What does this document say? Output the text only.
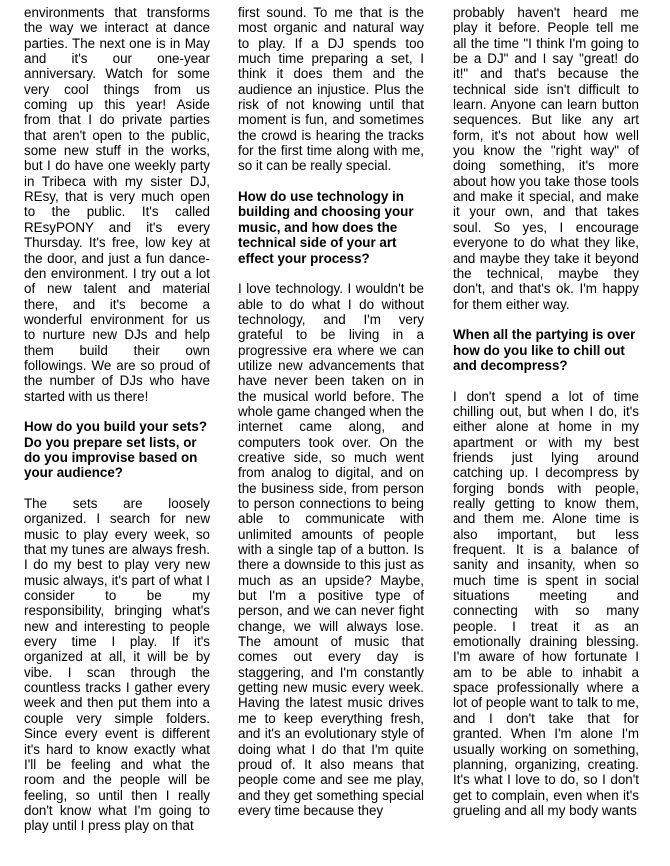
environments that transforms the way we interact at dance parties. The next one is in May and it's our one-year anniversary. Watch for some very cool things from us coming up this year! Aside from that I do private parties that aren't open to the public, some new stuff in the works, but I do have one weekly party in Tribeca with my sister DJ, REsy, that is very much open to the public. It's called REsyPONY and it's every Thursday. It's free, low key at the door, and just a fun dance-den environment. I try out a lot of new talent and material there, and it's become a wonderful environment for us to nurture new DJs and help them build their own followings. We are so proud of the number of DJs who have started with us there!

How do you build your sets? Do you prepare set lists, or do you improvise based on your audience?

The sets are loosely organized. I search for new music to play every week, so that my tunes are always fresh. I do my best to play very new music always, it's part of what I consider to be my responsibility, bringing what's new and interesting to people every time I play. If it's organized at all, it will be by vibe. I scan through the countless tracks I gather every week and then put them into a couple very simple folders. Since every event is different it's hard to know exactly what I'll be feeling and what the room and the people will be feeling, so until then I really don't know what I'm going to play until I press play on that

first sound. To me that is the most organic and natural way to play. If a DJ spends too much time preparing a set, I think it does them and the audience an injustice. Plus the risk of not knowing until that moment is fun, and sometimes the crowd is hearing the tracks for the first time along with me, so it can be really special.

How do use technology in building and choosing your music, and how does the technical side of your art effect your process?

I love technology. I wouldn't be able to do what I do without technology, and I'm very grateful to be living in a progressive era where we can utilize new advancements that have never been taken on in the musical world before. The whole game changed when the internet came along, and computers took over. On the creative side, so much went from analog to digital, and on the business side, from person to person connections to being able to communicate with unlimited amounts of people with a single tap of a button. Is there a downside to this just as much as an upside? Maybe, but I'm a positive type of person, and we can never fight change, we will always lose. The amount of music that comes out every day is staggering, and I'm constantly getting new music every week. Having the latest music drives me to keep everything fresh, and it's an evolutionary style of doing what I do that I'm quite proud of. It also means that people come and see me play, and they get something special every time because they

probably haven't heard me play it before. People tell me all the time "I think I'm going to be a DJ" and I say "great! do it!" and that's because the technical side isn't difficult to learn. Anyone can learn button sequences. But like any art form, it's not about how well you know the "right way" of doing something, it's more about how you take those tools and make it special, and make it your own, and that takes soul. So yes, I encourage everyone to do what they like, and maybe they take it beyond the technical, maybe they don't, and that's ok. I'm happy for them either way.

When all the partying is over how do you like to chill out and decompress?

I don't spend a lot of time chilling out, but when I do, it's either alone at home in my apartment or with my best friends just lying around catching up. I decompress by forging bonds with people, really getting to know them, and them me. Alone time is also important, but less frequent. It is a balance of sanity and insanity, when so much time is spent in social situations meeting and connecting with so many people. I treat it as an emotionally draining blessing. I'm aware of how fortunate I am to be able to inhabit a space professionally where a lot of people want to talk to me, and I don't take that for granted. When I'm alone I'm usually working on something, planning, organizing, creating. It's what I love to do, so I don't get to complain, even when it's grueling and all my body wants
